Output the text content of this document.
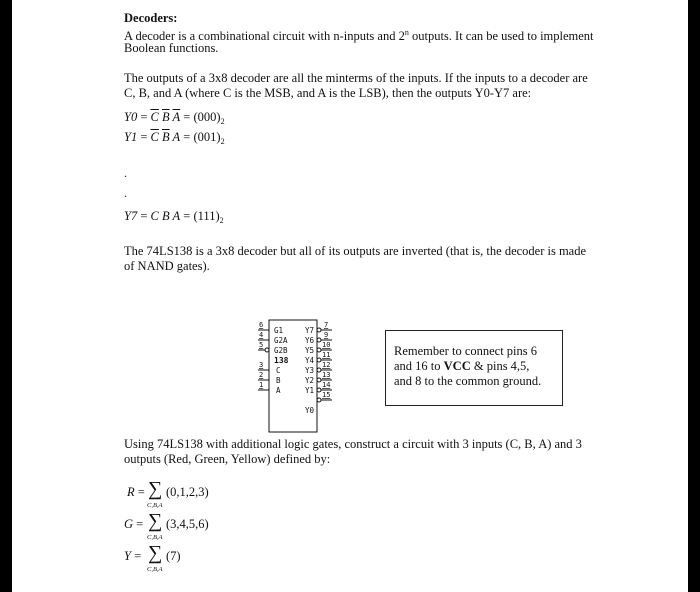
Decoders:
A decoder is a combinational circuit with n-inputs and 2$^n$ outputs. It can be used to implement
Boolean functions.
The outputs of a 3x8 decoder are all the minterms of the inputs. If the inputs to a decoder are
C, B, and A (where C is the MSB, and A is the LSB), then the outputs Y0-Y7 are:
$Y0 = \overline{C}$ $\overline{B}$ $\overline{A} = (000)_2$
$Y1 = \overline{C}$ $\overline{B}$ $A = (001)_2$
.
.
Y7 = C B $A = (111)_2$
The 74LS138 is a 3x8 decoder but all of its outputs are inverted (that is, the decoder is made
of NAND gates).
6
4
5
3
2
1
G1
G2A
G2B
138
C
B
A
Y7
Y6
Y5
Y4
Y3
Y2
Y1
Y0
7
9
10
11
12
13
14
15
Remember to connect pins 6
and 16 to VCC & pins 4,5,
and 8 to the common ground.
Using 74LS138 with additional logic gates, construct a circuit with 3 inputs (C, B, A) and 3
outputs (Red, Green, Yellow) defined by:
R = ∑
C,B,A
(0,1,2,3)
G = ∑
C,B,A
(3,4,5,6)
Y = ∑
C,B,A
(7)
